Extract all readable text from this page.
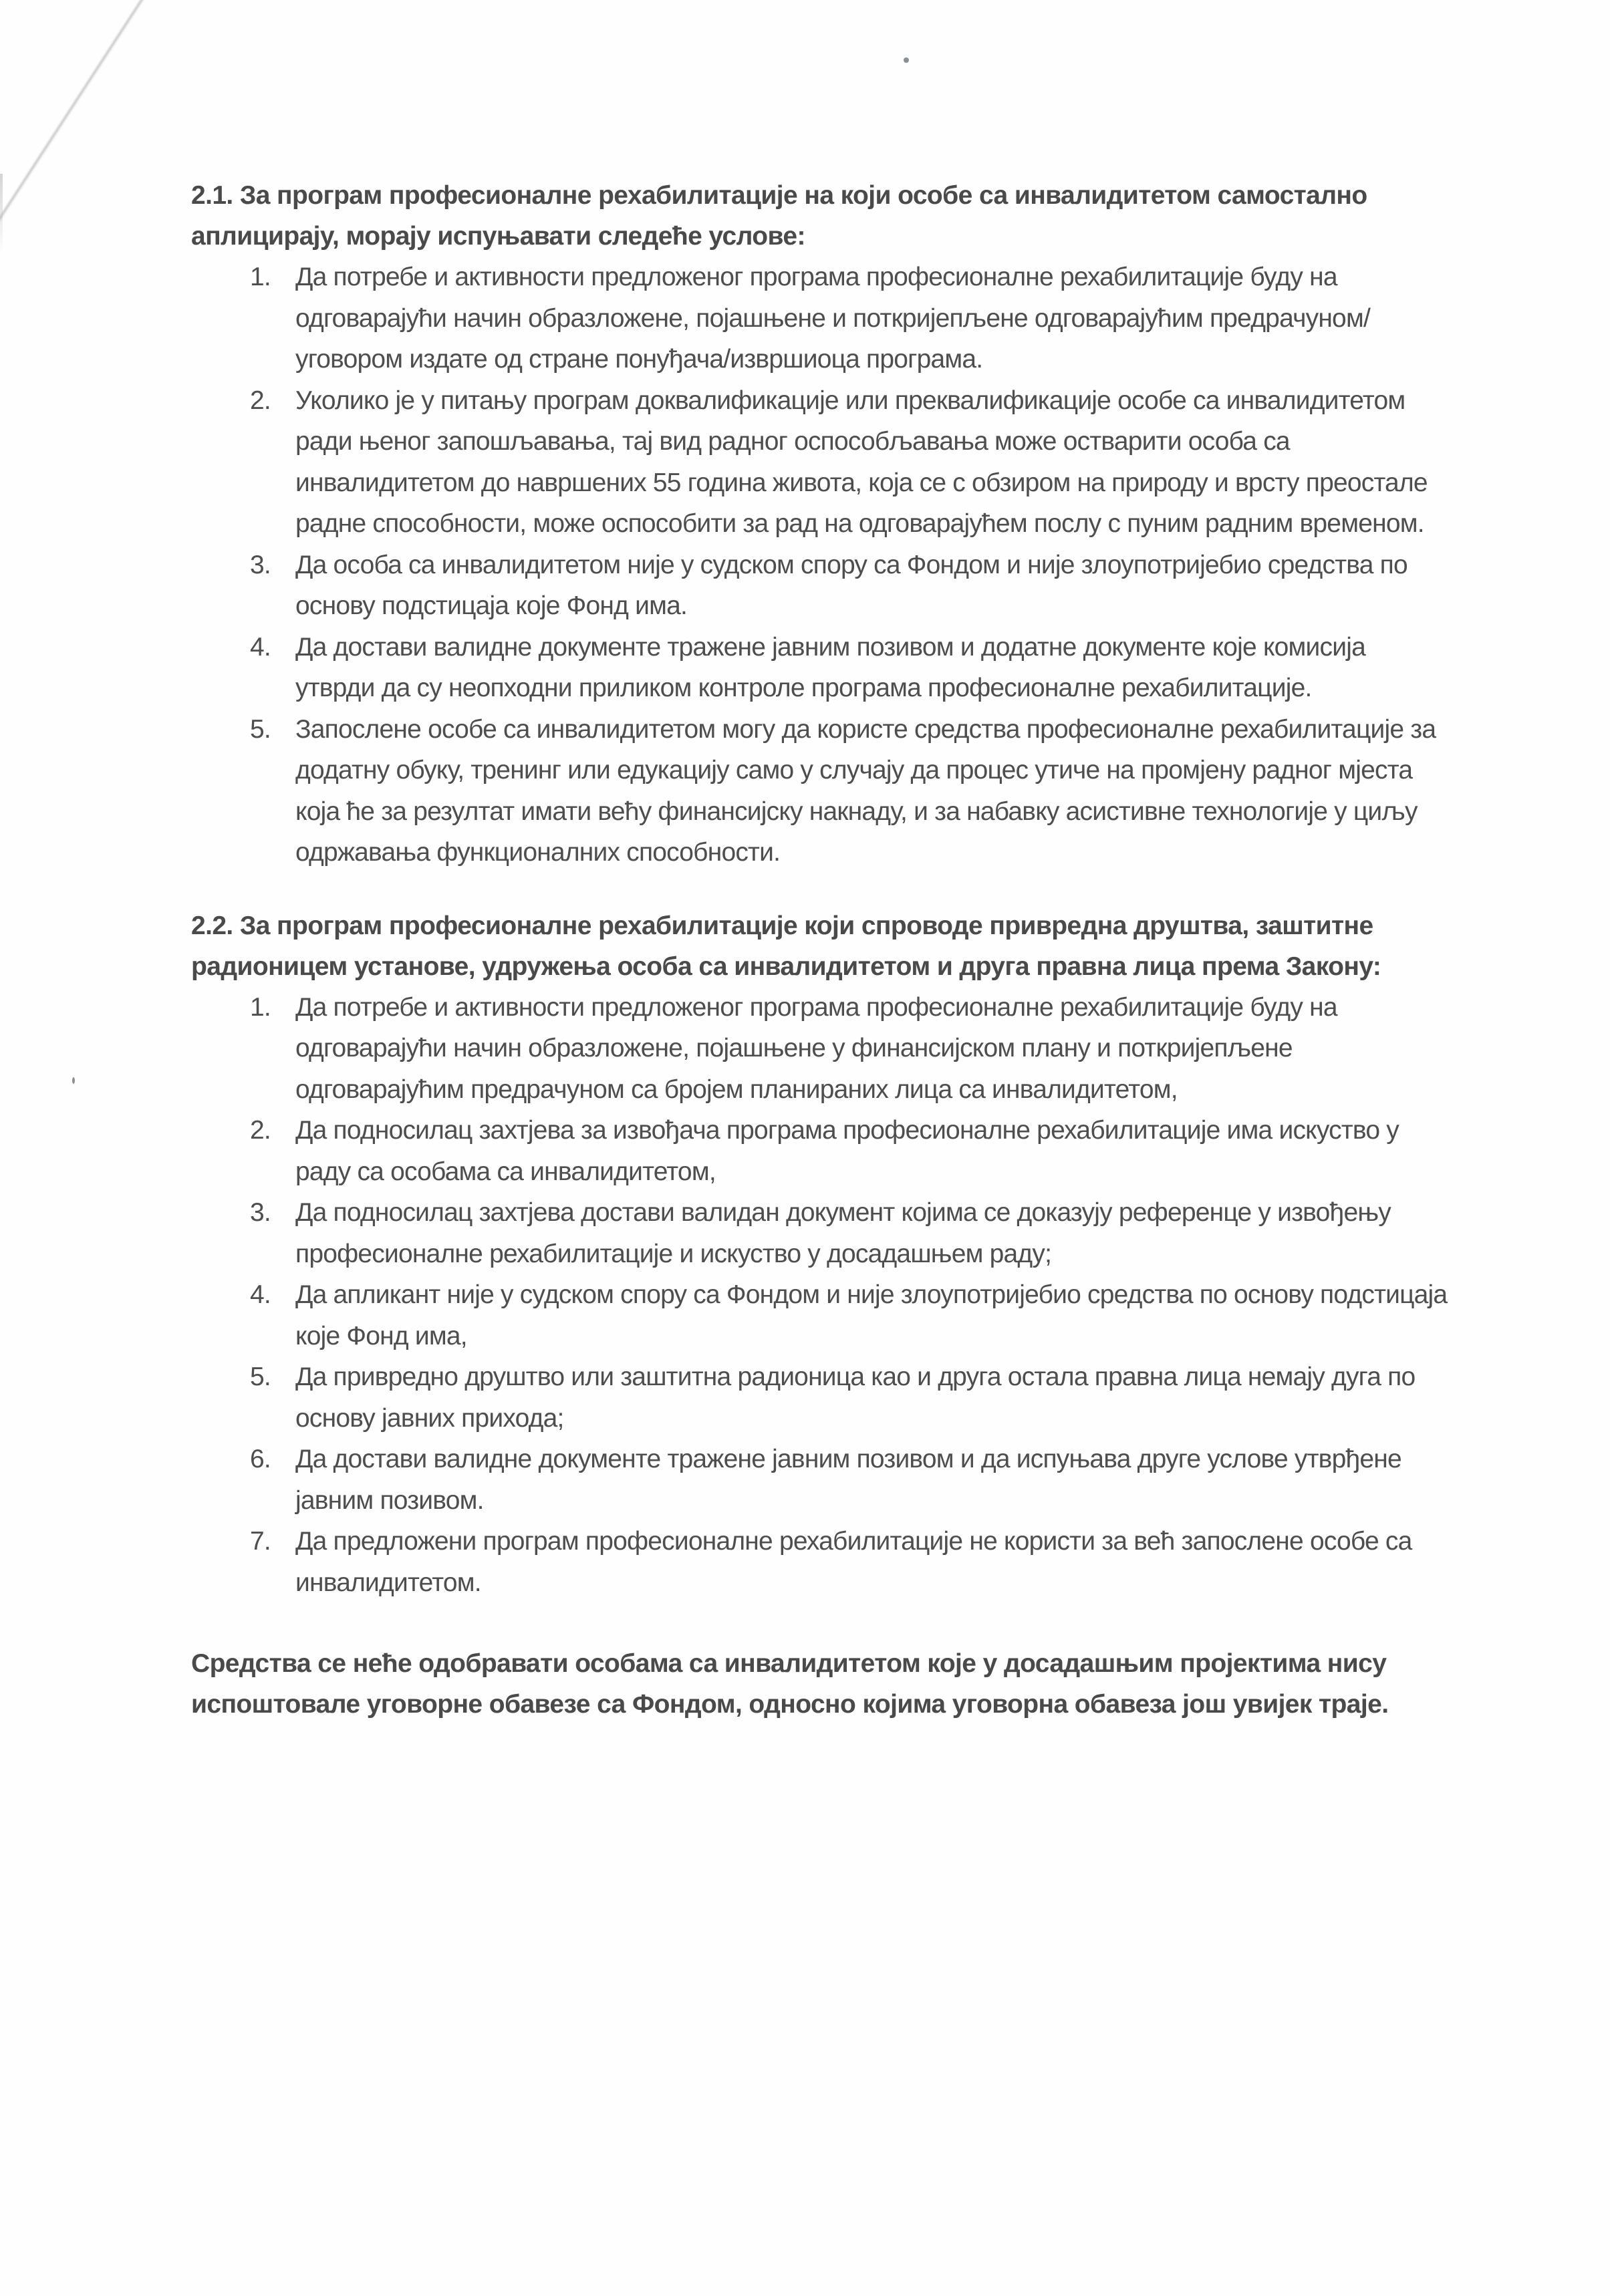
2.1. За програм професионалне рехабилитације на који особе са инвалидитетом самостално аплицирају, морају испуњавати следеће услове:

1. Да потребе и активности предложеног програма професионалне рехабилитације буду на одговарајући начин образложене, појашњене и поткријепљене одговарајућим предрачуном/уговором издате од стране понуђача/извршиоца програма.
2. Уколико је у питању програм доквалификације или преквалификације особе са инвалидитетом ради њеног запошљавања, тај вид радног оспособљавања може остварити особа са инвалидитетом до навршених 55 година живота, која се с обзиром на природу и врсту преостале радне способности, може оспособити за рад на одговарајућем послу с пуним радним временом.
3. Да особа са инвалидитетом није у судском спору са Фондом и није злоупотријебио средства по основу подстицаја које Фонд има.
4. Да достави валидне документе тражене јавним позивом и додатне документе које комисија утврди да су неопходни приликом контроле програма професионалне рехабилитације.
5. Запослене особе са инвалидитетом могу да користе средства професионалне рехабилитације за додатну обуку, тренинг или едукацију само у случају да процес утиче на промјену радног мјеста која ће за резултат имати већу финансијску накнаду, и за набавку асистивне технологије у циљу одржавања функционалних способности.

2.2. За програм професионалне рехабилитације који спроводе привредна друштва, заштитне радионицем установе, удружења особа са инвалидитетом и друга правна лица према Закону:

1. Да потребе и активности предложеног програма професионалне рехабилитације буду на одговарајући начин образложене, појашњене у финансијском плану и поткријепљене одговарајућим предрачуном са бројем планираних лица са инвалидитетом,
2. Да подносилац захтјева за извођача програма професионалне рехабилитације има искуство у раду са особама са инвалидитетом,
3. Да подносилац захтјева достави валидан документ којима се доказују референце у извођењу професионалне рехабилитације и искуство у досадашњем раду;
4. Да апликант није у судском спору са Фондом и није злоупотријебио средства по основу подстицаја које Фонд има,
5. Да привредно друштво или заштитна радионица као и друга остала правна лица немају дуга по основу јавних прихода;
6. Да достави валидне документе тражене јавним позивом и да испуњава друге услове утврђене јавним позивом.
7. Да предложени програм професионалне рехабилитације не користи за већ запослене особе са инвалидитетом.

Средства се неће одобравати особама са инвалидитетом које у досадашњим пројектима нису испоштовале уговорне обавезе са Фондом, односно којима уговорна обавеза још увијек траје.
